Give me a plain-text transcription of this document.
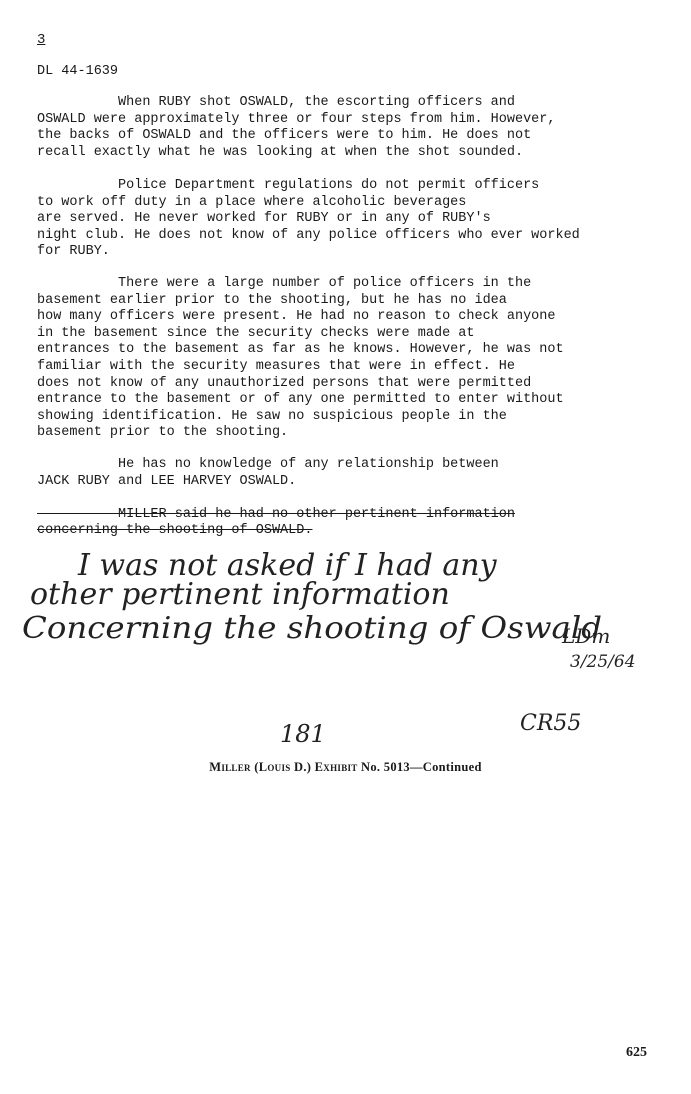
3
DL 44-1639
When RUBY shot OSWALD, the escorting officers and
OSWALD were approximately three or four steps from him. However,
the backs of OSWALD and the officers were to him. He does not
recall exactly what he was looking at when the shot sounded.
Police Department regulations do not permit officers
to work off duty in a place where alcoholic beverages
are served. He never worked for RUBY or in any of RUBY's
night club. He does not know of any police officers who ever worked
for RUBY.
There were a large number of police officers in the
basement earlier prior to the shooting, but he has no idea
how many officers were present. He had no reason to check anyone
in the basement since the security checks were made at
entrances to the basement as far as he knows. However, he was not
familiar with the security measures that were in effect. He
does not know of any unauthorized persons that were permitted
entrance to the basement or of any one permitted to enter without
showing identification. He saw no suspicious people in the
basement prior to the shooting.
He has no knowledge of any relationship between
JACK RUBY and LEE HARVEY OSWALD.
MILLER said he had no other pertinent information
concerning the shooting of OSWALD.
I was not asked if I had any
other pertinent information
Concerning the shooting of Oswald
LDm
3/25/64
181	CR55
Miller (Louis D.) Exhibit No. 5013—Continued
625
